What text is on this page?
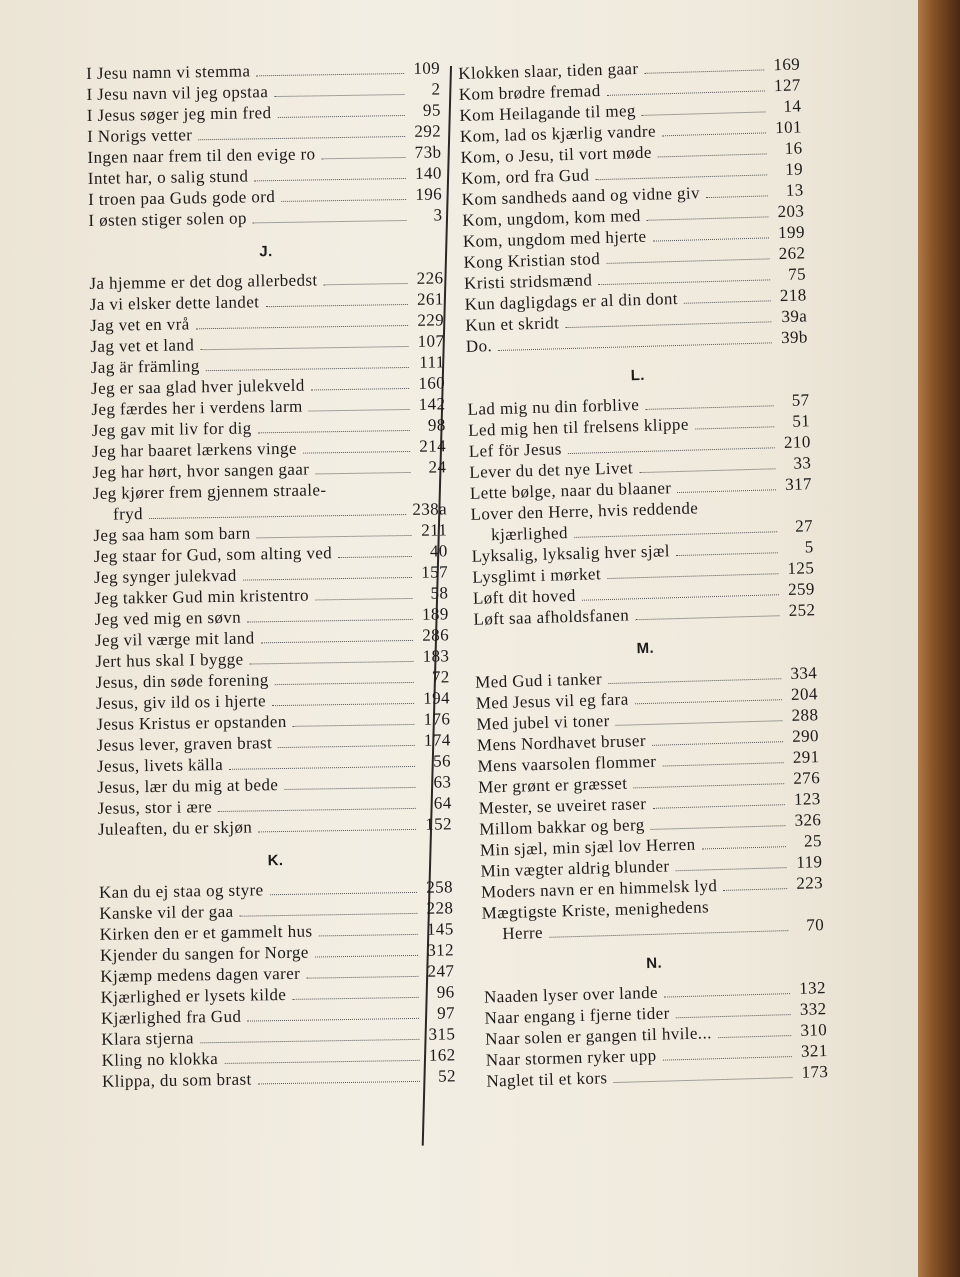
I Jesu namn vi stemma	109
I Jesu navn vil jeg opstaa	2
I Jesus søger jeg min fred	95
I Norigs vetter	292
Ingen naar frem til den evige ro	73b
Intet har, o salig stund	140
I troen paa Guds gode ord	196
I østen stiger solen op	3
J.
Ja hjemme er det dog allerbedst	226
Ja vi elsker dette landet	261
Jag vet en vrå	229
Jag vet et land	107
Jag är främling	111
Jeg er saa glad hver julekveld	160
Jeg færdes her i verdens larm	142
Jeg gav mit liv for dig	98
Jeg har baaret lærkens vinge	214
Jeg har hørt, hvor sangen gaar	24
Jeg kjører frem gjennem straale-
fryd	238a
Jeg saa ham som barn	211
Jeg staar for Gud, som alting ved	40
Jeg synger julekvad	157
Jeg takker Gud min kristentro	58
Jeg ved mig en søvn	189
Jeg vil værge mit land	286
Jert hus skal I bygge	183
Jesus, din søde forening	72
Jesus, giv ild os i hjerte	194
Jesus Kristus er opstanden	176
Jesus lever, graven brast	174
Jesus, livets källa	56
Jesus, lær du mig at bede	63
Jesus, stor i ære	64
Juleaften, du er skjøn	152
K.
Kan du ej staa og styre	258
Kanske vil der gaa	228
Kirken den er et gammelt hus	145
Kjender du sangen for Norge	312
Kjæmp medens dagen varer	247
Kjærlighed er lysets kilde	96
Kjærlighed fra Gud	97
Klara stjerna	315
Kling no klokka	162
Klippa, du som brast	52
Klokken slaar, tiden gaar	169
Kom brødre fremad	127
Kom Heilagande til meg	14
Kom, lad os kjærlig vandre	101
Kom, o Jesu, til vort møde	16
Kom, ord fra Gud	19
Kom sandheds aand og vidne giv	13
Kom, ungdom, kom med	203
Kom, ungdom med hjerte	199
Kong Kristian stod	262
Kristi stridsmænd	75
Kun dagligdags er al din dont	218
Kun et skridt	39a
Do.	39b
L.
Lad mig nu din forblive	57
Led mig hen til frelsens klippe	51
Lef för Jesus	210
Lever du det nye Livet	33
Lette bølge, naar du blaaner	317
Lover den Herre, hvis reddende
kjærlighed	27
Lyksalig, lyksalig hver sjæl	5
Lysglimt i mørket	125
Løft dit hoved	259
Løft saa afholdsfanen	252
M.
Med Gud i tanker	334
Med Jesus vil eg fara	204
Med jubel vi toner	288
Mens Nordhavet bruser	290
Mens vaarsolen flommer	291
Mer grønt er græsset	276
Mester, se uveiret raser	123
Millom bakkar og berg	326
Min sjæl, min sjæl lov Herren	25
Min vægter aldrig blunder	119
Moders navn er en himmelsk lyd	223
Mægtigste Kriste, menighedens
Herre	70
N.
Naaden lyser over lande	132
Naar engang i fjerne tider	332
Naar solen er gangen til hvile...	310
Naar stormen ryker upp	321
Naglet til et kors	173
